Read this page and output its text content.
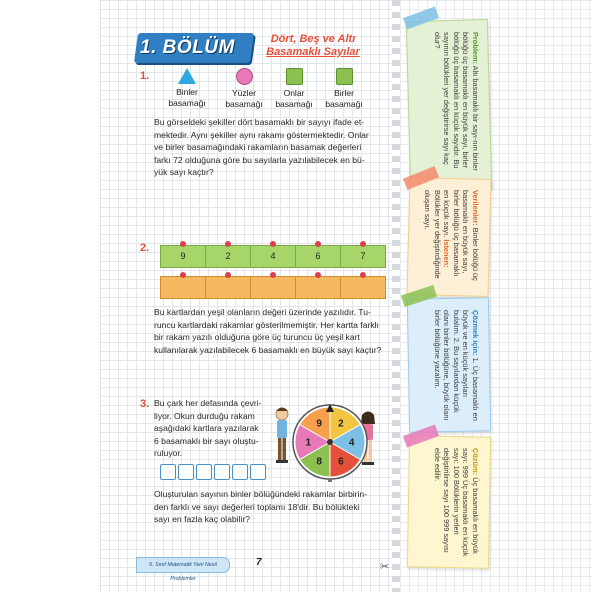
1. BÖLÜM	Dört, Beş ve Altı
Basamaklı Sayılar
1.
Binler
basamağı
Yüzler
basamağı
Onlar
basamağı
Birler
basamağı
Bu görseldeki şekiller dört basamaklı bir sayıyı ifade et-
mektedir. Aynı şekiller aynı rakamı göstermektedir. Onlar
ve birler basamağındaki rakamların basamak değerleri
farkı 72 olduğuna göre bu sayılarla yazılabilecek en bü-
yük sayı kaçtır?
2.
9	2	4	6	7
Bu kartlardan yeşil olanların değeri üzerinde yazılıdır. Tu-
runcu kartlardaki rakamlar gösterilmemiştir. Her kartta farklı
bir rakam yazılı olduğuna göre üç turuncu üç yeşil kart
kullanılarak yazılabilecek 6 basamaklı en büyük sayı kaçtır?
3. Bu çark her defasında çevri-
liyor. Okun durduğu rakam
aşağıdaki kartlara yazılarak
6 basamaklı bir sayı oluştu-
ruluyor.
2
4
6
8
1
9
Oluşturulan sayının binler bölüğündeki rakamlar birbirin-
den farklı ve sayı değerleri toplamı 18'dir. Bu bölükteki
sayı en fazla kaç olabilir?
6. Sınıf Matematik Yeni Nesil Problemler
7	✂
Problem: Altı basamaklı bir sayı-nın binler bölüğü üç basamaklı en büyük sayı, birler bölüğü üç basamaklı en küçük sayıdır. Bu sayının bölükleri yer değiştirirse sayı kaç olur?
Verilenler: Binler bölüğü üç basamaklı en büyük sayı, birler bölüğü üç basamaklı en küçük sayı. İstenen: Bölükler yer değiştirdiğinde oluşan sayı.
Çözmek için: 1. Üç basamaklı en büyük ve en küçük sayıları bulalım. 2. Bu sayılardan küçük olanı binler bölüğüne, büyük olanı birler bölüğüne yazalım.
Çözüm: Üç basamaklı en büyük sayı: 999 Üç basamaklı en küçük sayı: 100 Bölüklerin yerleri değiştirilirse sayı 100 999 sayısı elde edilir.
